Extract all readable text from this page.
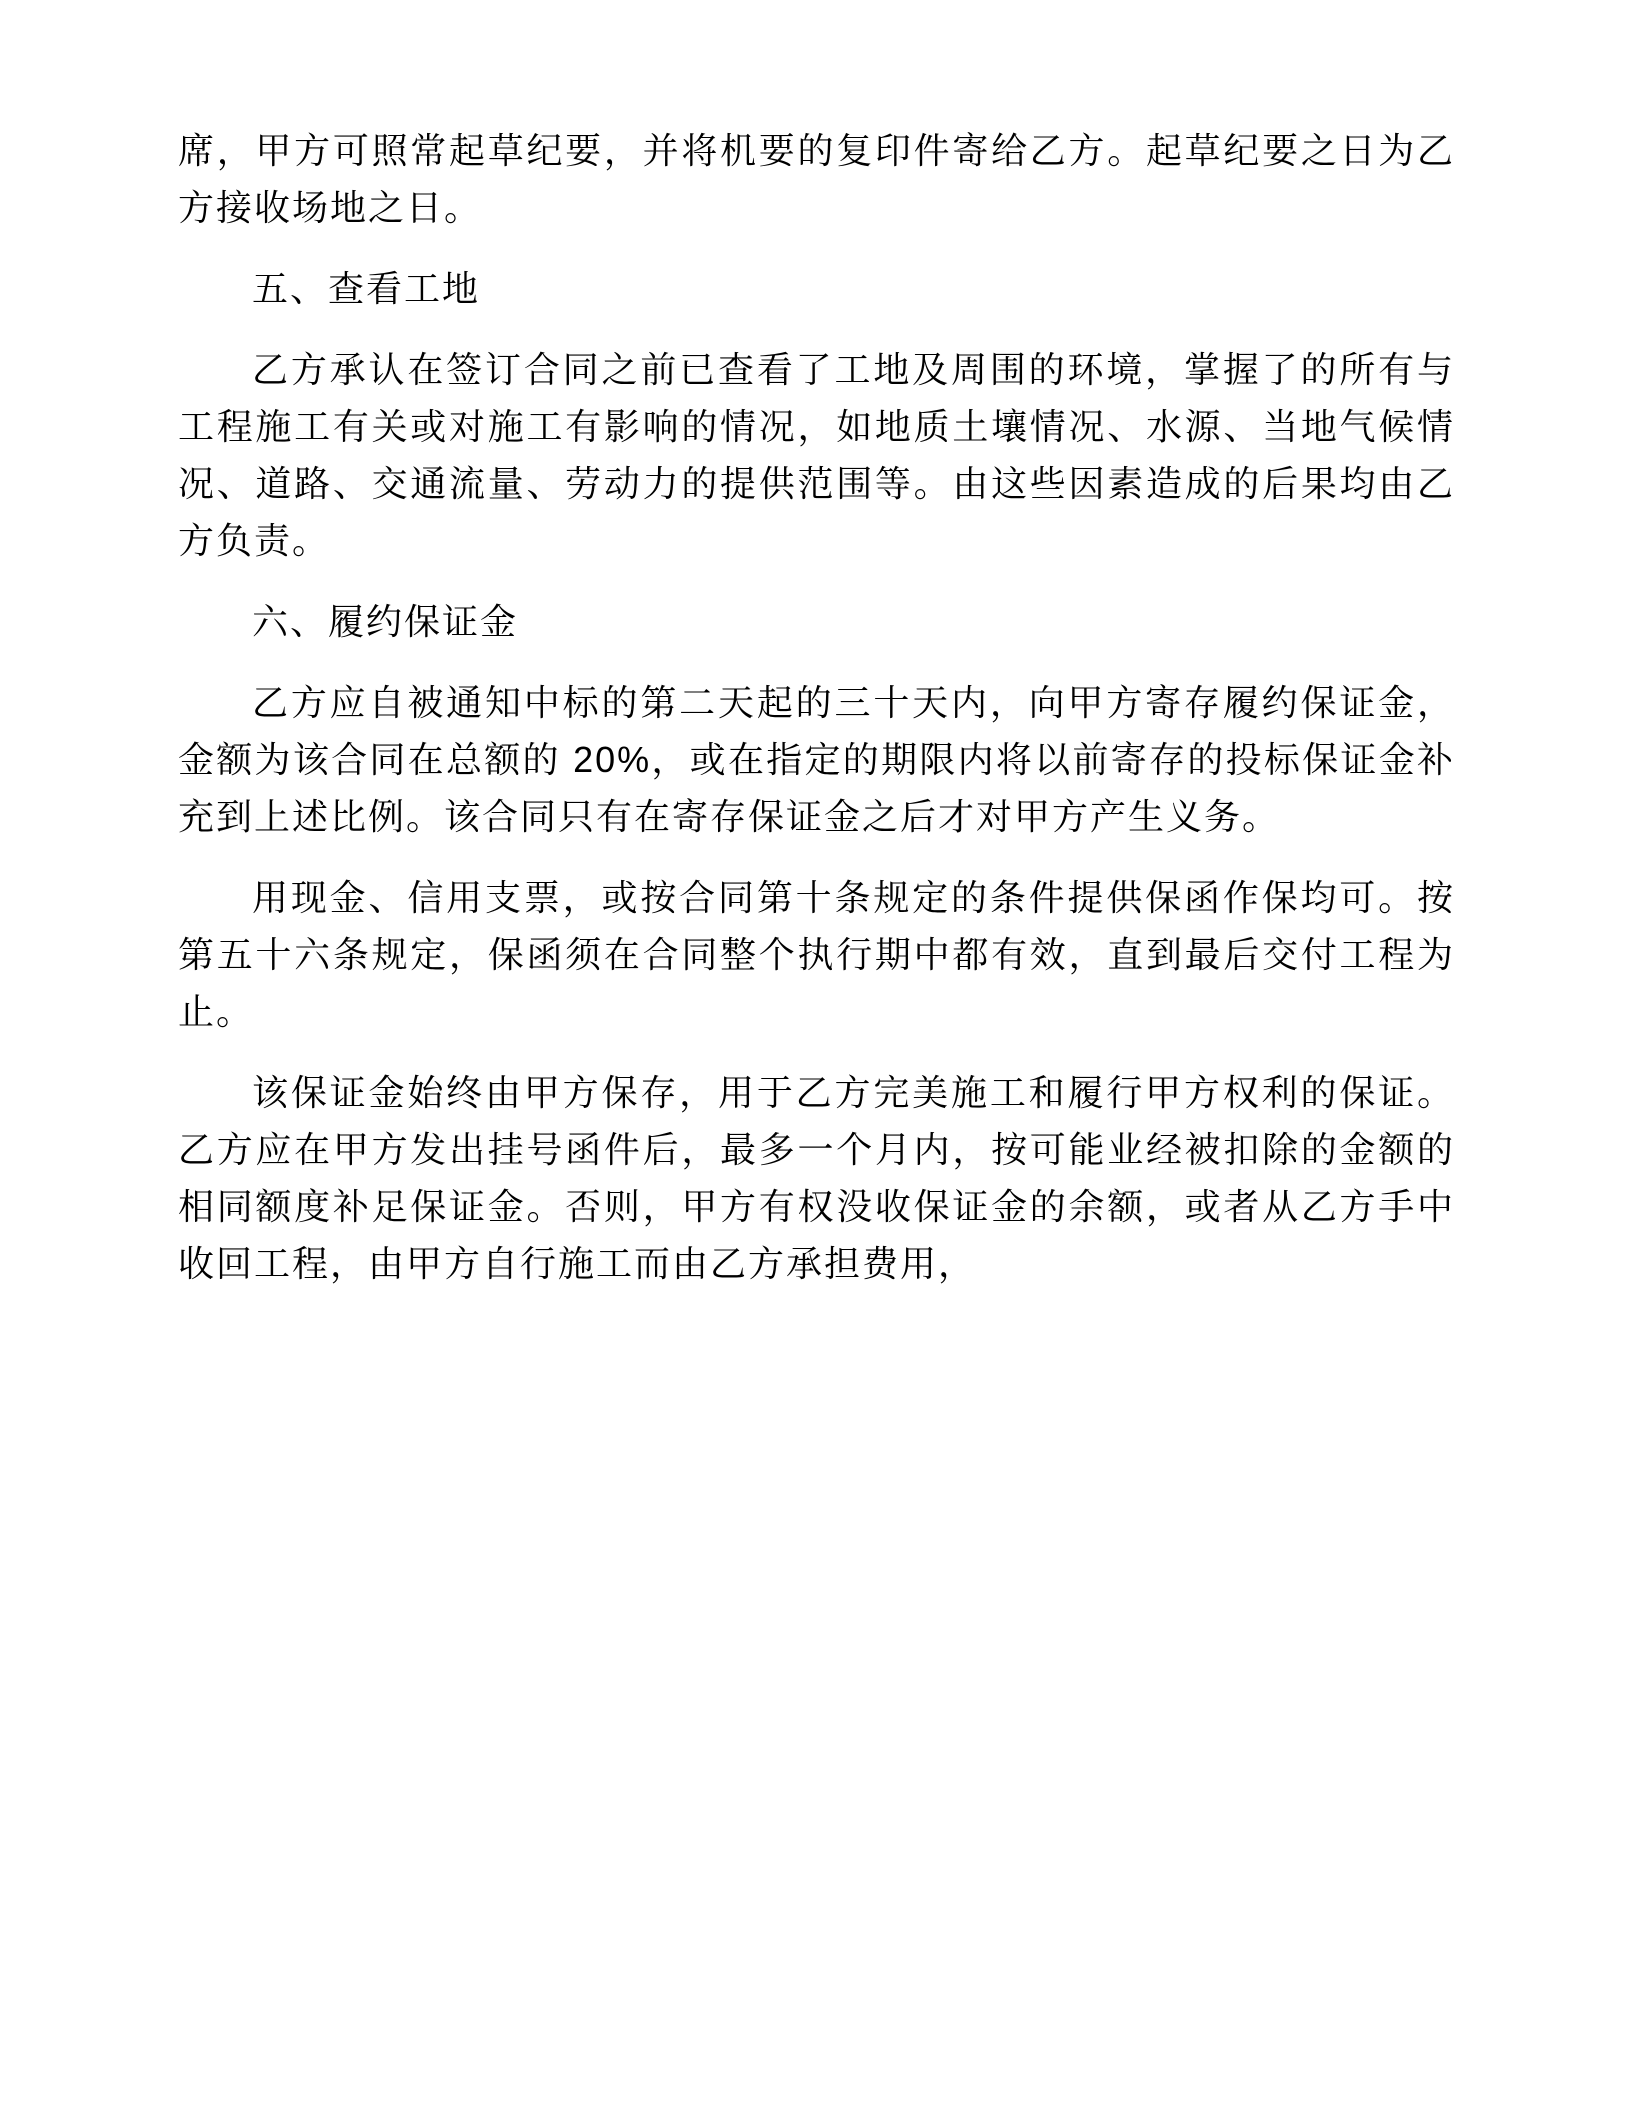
席，甲方可照常起草纪要，并将机要的复印件寄给乙方。起草纪要之日为乙方接收场地之日。

五、查看工地

乙方承认在签订合同之前已查看了工地及周围的环境，掌握了的所有与工程施工有关或对施工有影响的情况，如地质土壤情况、水源、当地气候情况、道路、交通流量、劳动力的提供范围等。由这些因素造成的后果均由乙方负责。

六、履约保证金

乙方应自被通知中标的第二天起的三十天内，向甲方寄存履约保证金，金额为该合同在总额的 20%，或在指定的期限内将以前寄存的投标保证金补充到上述比例。该合同只有在寄存保证金之后才对甲方产生义务。

用现金、信用支票，或按合同第十条规定的条件提供保函作保均可。按第五十六条规定，保函须在合同整个执行期中都有效，直到最后交付工程为止。

该保证金始终由甲方保存，用于乙方完美施工和履行甲方权利的保证。乙方应在甲方发出挂号函件后，最多一个月内，按可能业经被扣除的金额的相同额度补足保证金。否则，甲方有权没收保证金的余额，或者从乙方手中收回工程，由甲方自行施工而由乙方承担费用，
